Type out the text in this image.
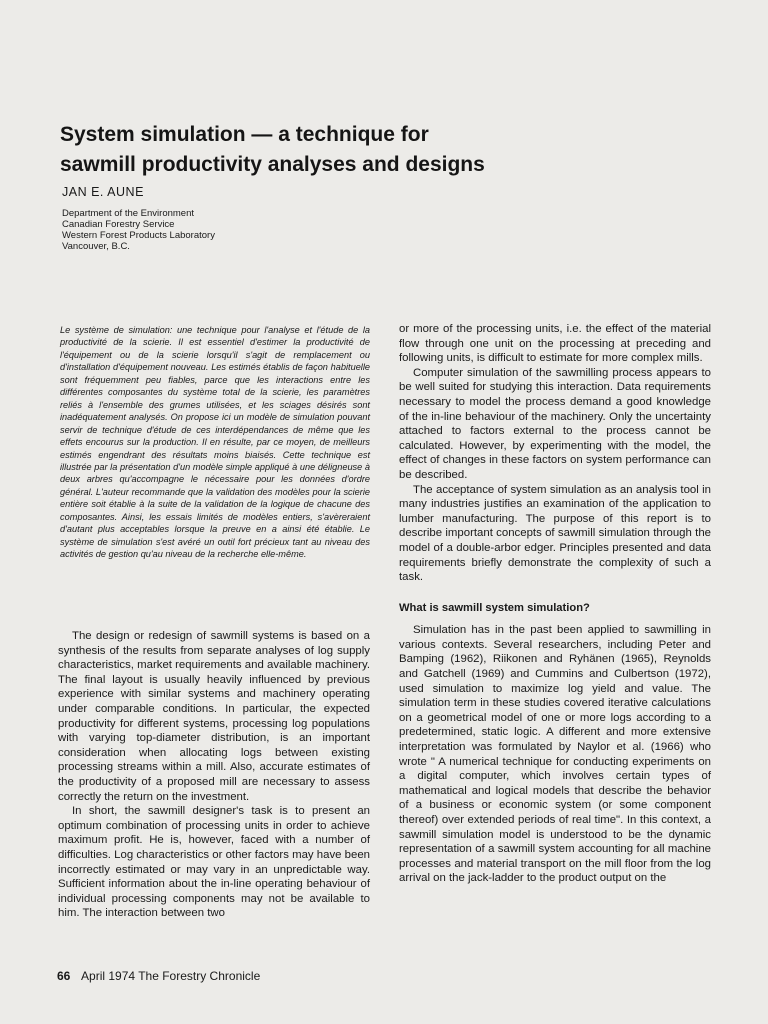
System simulation — a technique for
sawmill productivity analyses and designs
JAN E. AUNE
Department of the Environment
Canadian Forestry Service
Western Forest Products Laboratory
Vancouver, B.C.

Le système de simulation: une technique pour l'analyse et l'étude de la productivité de la scierie. Il est essentiel d'estimer la productivité de l'équipement ou de la scierie lorsqu'il s'agit de remplacement ou d'installation d'équipement nouveau. Les estimés établis de façon habituelle sont fréquemment peu fiables, parce que les interactions entre les différentes composantes du système total de la scierie, les paramètres reliés à l'ensemble des grumes utilisées, et les sciages désirés sont inadéquatement analysés. On propose ici un modèle de simulation pouvant servir de technique d'étude de ces interdépendances de même que les effets encourus sur la production. Il en résulte, par ce moyen, de meilleurs estimés engendrant des résultats moins biaisés. Cette technique est illustrée par la présentation d'un modèle simple appliqué à une déligneuse à deux arbres qu'accompagne le nécessaire pour les données d'ordre général. L'auteur recommande que la validation des modèles pour la scierie entière soit établie à la suite de la validation de la logique de chacune des composantes. Ainsi, les essais limités de modèles entiers, s'avèreraient d'autant plus acceptables lorsque la preuve en a ainsi été établie. Le système de simulation s'est avéré un outil fort précieux tant au niveau des activités de gestion qu'au niveau de la recherche elle-même.

The design or redesign of sawmill systems is based on a synthesis of the results from separate analyses of log supply characteristics, market requirements and available machinery. The final layout is usually heavily influenced by previous experience with similar systems and machinery operating under comparable conditions. In particular, the expected productivity for different systems, processing log populations with varying top-diameter distribution, is an important consideration when allocating logs between existing processing streams within a mill. Also, accurate estimates of the productivity of a proposed mill are necessary to assess correctly the return on the investment.

In short, the sawmill designer's task is to present an optimum combination of processing units in order to achieve maximum profit. He is, however, faced with a number of difficulties. Log characteristics or other factors may have been incorrectly estimated or may vary in an unpredictable way. Sufficient information about the in-line operating behaviour of individual processing components may not be available to him. The interaction between two

or more of the processing units, i.e. the effect of the material flow through one unit on the processing at preceding and following units, is difficult to estimate for more complex mills.

Computer simulation of the sawmilling process appears to be well suited for studying this interaction. Data requirements necessary to model the process demand a good knowledge of the in-line behaviour of the machinery. Only the uncertainty attached to factors external to the process cannot be calculated. However, by experimenting with the model, the effect of changes in these factors on system performance can be described.

The acceptance of system simulation as an analysis tool in many industries justifies an examination of the application to lumber manufacturing. The purpose of this report is to describe important concepts of sawmill simulation through the model of a double-arbor edger. Principles presented and data requirements briefly demonstrate the complexity of such a task.

What is sawmill system simulation?

Simulation has in the past been applied to sawmilling in various contexts. Several researchers, including Peter and Bamping (1962), Riikonen and Ryhänen (1965), Reynolds and Gatchell (1969) and Cummins and Culbertson (1972), used simulation to maximize log yield and value. The simulation term in these studies covered iterative calculations on a geometrical model of one or more logs according to a predetermined, static logic. A different and more extensive interpretation was formulated by Naylor et al. (1966) who wrote " A numerical technique for conducting experiments on a digital computer, which involves certain types of mathematical and logical models that describe the behavior of a business or economic system (or some component thereof) over extended periods of real time". In this context, a sawmill simulation model is understood to be the dynamic representation of a sawmill system accounting for all machine processes and material transport on the mill floor from the log arrival on the jack-ladder to the product output on the

66 April 1974 The Forestry Chronicle
